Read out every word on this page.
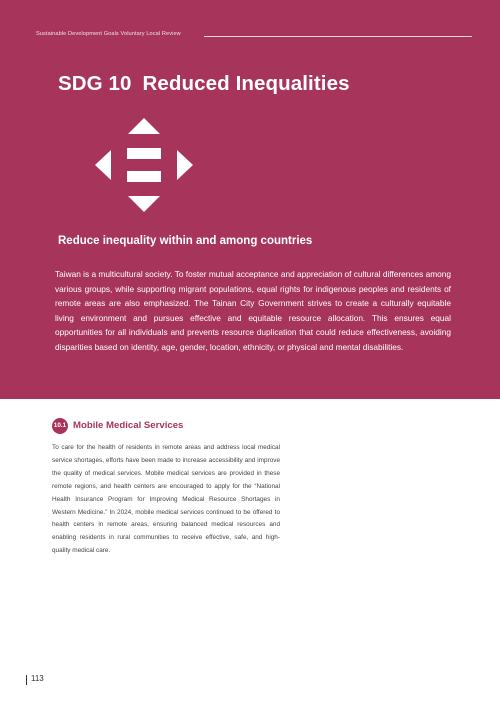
Sustainable Development Goals Voluntary Local Review
SDG 10 Reduced Inequalities
Reduce inequality within and among countries

Taiwan is a multicultural society. To foster mutual acceptance and appreciation of cultural differences among various groups, while supporting migrant populations, equal rights for indigenous peoples and residents of remote areas are also emphasized. The Tainan City Government strives to create a culturally equitable living environment and pursues effective and equitable resource allocation. This ensures equal opportunities for all individuals and prevents resource duplication that could reduce effectiveness, avoiding disparities based on identity, age, gender, location, ethnicity, or physical and mental disabilities.

10.1 Mobile Medical Services

To care for the health of residents in remote areas and address local medical service shortages, efforts have been made to increase accessibility and improve the quality of medical services. Mobile medical services are provided in these remote regions, and health centers are encouraged to apply for the “National Health Insurance Program for Improving Medical Resource Shortages in Western Medicine.” In 2024, mobile medical services continued to be offered to health centers in remote areas, ensuring balanced medical resources and enabling residents in rural communities to receive effective, safe, and high-quality medical care.

113
